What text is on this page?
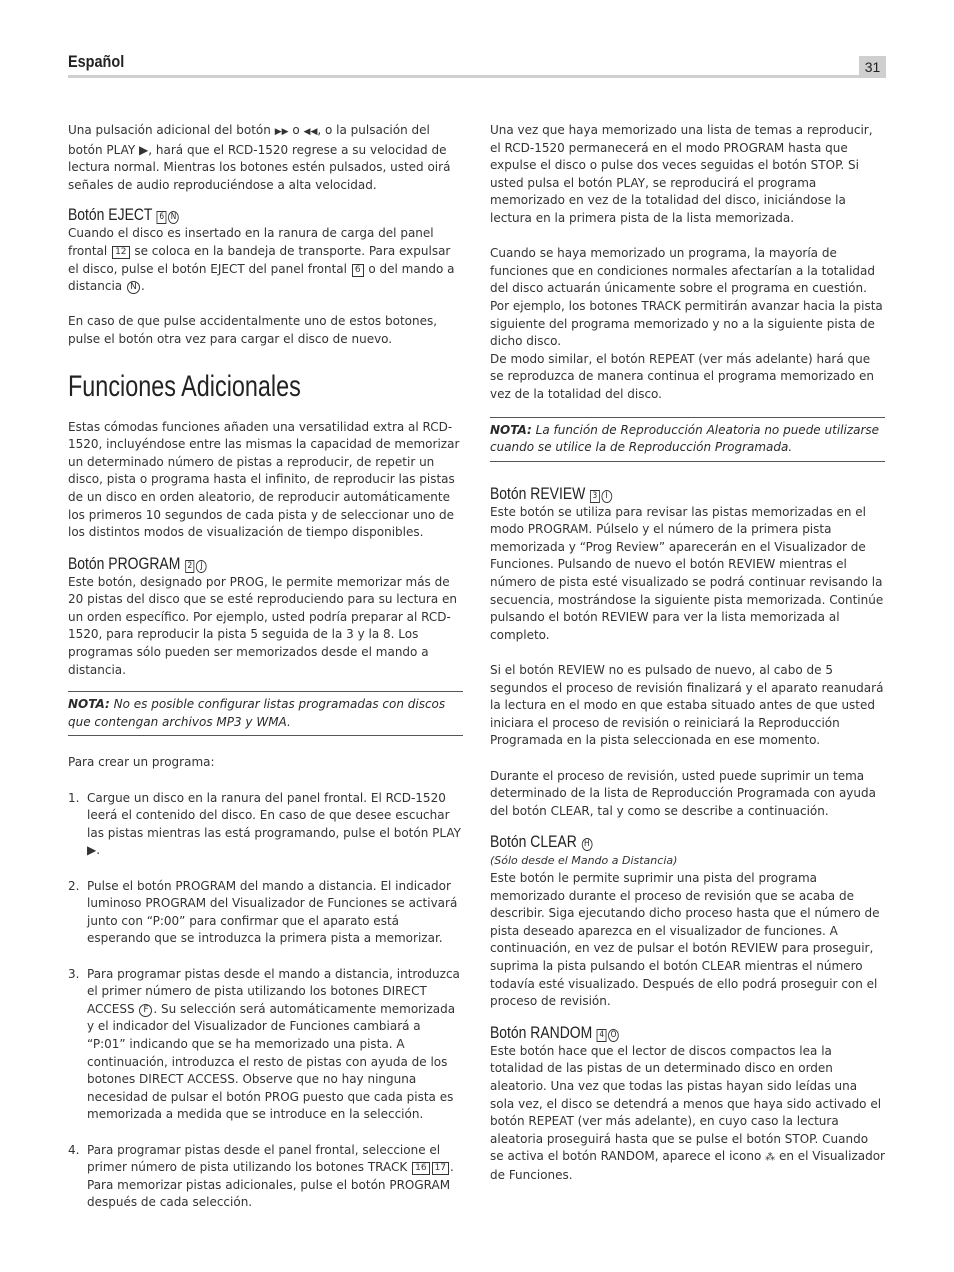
Español	31

Una pulsación adicional del botón ▶▶ o ◀◀, o la pulsación del botón PLAY ▶, hará que el RCD-1520 regrese a su velocidad de lectura normal. Mientras los botones estén pulsados, usted oirá señales de audio reproduciéndose a alta velocidad.

Botón EJECT 6 N

Cuando el disco es insertado en la ranura de carga del panel frontal 12 se coloca en la bandeja de transporte. Para expulsar el disco, pulse el botón EJECT del panel frontal 6 o del mando a distancia N .

En caso de que pulse accidentalmente uno de estos botones, pulse el botón otra vez para cargar el disco de nuevo.

Funciones Adicionales

Estas cómodas funciones añaden una versatilidad extra al RCD-1520, incluyéndose entre las mismas la capacidad de memorizar un determinado número de pistas a reproducir, de repetir un disco, pista o programa hasta el infinito, de reproducir las pistas de un disco en orden aleatorio, de reproducir automáticamente los primeros 10 segundos de cada pista y de seleccionar uno de los distintos modos de visualización de tiempo disponibles.

Botón PROGRAM 2 J

Este botón, designado por PROG, le permite memorizar más de 20 pistas del disco que se esté reproduciendo para su lectura en un orden específico. Por ejemplo, usted podría preparar al RCD-1520, para reproducir la pista 5 seguida de la 3 y la 8. Los programas sólo pueden ser memorizados desde el mando a distancia.

NOTA: No es posible configurar listas programadas con discos que contengan archivos MP3 y WMA.

Para crear un programa:

1. Cargue un disco en la ranura del panel frontal. El RCD-1520 leerá el contenido del disco. En caso de que desee escuchar las pistas mientras las está programando, pulse el botón PLAY ▶.
2. Pulse el botón PROGRAM del mando a distancia. El indicador luminoso PROGRAM del Visualizador de Funciones se activará junto con “P:00” para confirmar que el aparato está esperando que se introduzca la primera pista a memorizar.
3. Para programar pistas desde el mando a distancia, introduzca el primer número de pista utilizando los botones DIRECT ACCESS F . Su selección será automáticamente memorizada y el indicador del Visualizador de Funciones cambiará a “P:01” indicando que se ha memorizado una pista. A continuación, introduzca el resto de pistas con ayuda de los botones DIRECT ACCESS. Observe que no hay ninguna necesidad de pulsar el botón PROG puesto que cada pista es memorizada a medida que se introduce en la selección.
4. Para programar pistas desde el panel frontal, seleccione el primer número de pista utilizando los botones TRACK 16 17 . Para memorizar pistas adicionales, pulse el botón PROGRAM después de cada selección.

Una vez que haya memorizado una lista de temas a reproducir, el RCD-1520 permanecerá en el modo PROGRAM hasta que expulse el disco o pulse dos veces seguidas el botón STOP. Si usted pulsa el botón PLAY, se reproducirá el programa memorizado en vez de la totalidad del disco, iniciándose la lectura en la primera pista de la lista memorizada.

Cuando se haya memorizado un programa, la mayoría de funciones que en condiciones normales afectarían a la totalidad del disco actuarán únicamente sobre el programa en cuestión. Por ejemplo, los botones TRACK permitirán avanzar hacia la pista siguiente del programa memorizado y no a la siguiente pista de dicho disco.

De modo similar, el botón REPEAT (ver más adelante) hará que se reproduzca de manera continua el programa memorizado en vez de la totalidad del disco.

NOTA: La función de Reproducción Aleatoria no puede utilizarse cuando se utilice la de Reproducción Programada.
Botón REVIEW 3 I

Este botón se utiliza para revisar las pistas memorizadas en el modo PROGRAM. Púlselo y el número de la primera pista memorizada y “Prog Review” aparecerán en el Visualizador de Funciones. Pulsando de nuevo el botón REVIEW mientras el número de pista esté visualizado se podrá continuar revisando la secuencia, mostrándose la siguiente pista memorizada. Continúe pulsando el botón REVIEW para ver la lista memorizada al completo.

Si el botón REVIEW no es pulsado de nuevo, al cabo de 5 segundos el proceso de revisión finalizará y el aparato reanudará la lectura en el modo en que estaba situado antes de que usted iniciara el proceso de revisión o reiniciará la Reproducción Programada en la pista seleccionada en ese momento.

Durante el proceso de revisión, usted puede suprimir un tema determinado de la lista de Reproducción Programada con ayuda del botón CLEAR, tal y como se describe a continuación.

Botón CLEAR H

(Sólo desde el Mando a Distancia)

Este botón le permite suprimir una pista del programa memorizado durante el proceso de revisión que se acaba de describir. Siga ejecutando dicho proceso hasta que el número de pista deseado aparezca en el visualizador de funciones. A continuación, en vez de pulsar el botón REVIEW para proseguir, suprima la pista pulsando el botón CLEAR mientras el número todavía esté visualizado. Después de ello podrá proseguir con el proceso de revisión.

Botón RANDOM 4 O

Este botón hace que el lector de discos compactos lea la totalidad de las pistas de un determinado disco en orden aleatorio. Una vez que todas las pistas hayan sido leídas una sola vez, el disco se detendrá a menos que haya sido activado el botón REPEAT (ver más adelante), en cuyo caso la lectura aleatoria proseguirá hasta que se pulse el botón STOP. Cuando se activa el botón RANDOM, aparece el icono ⁂ en el Visualizador de Funciones.
